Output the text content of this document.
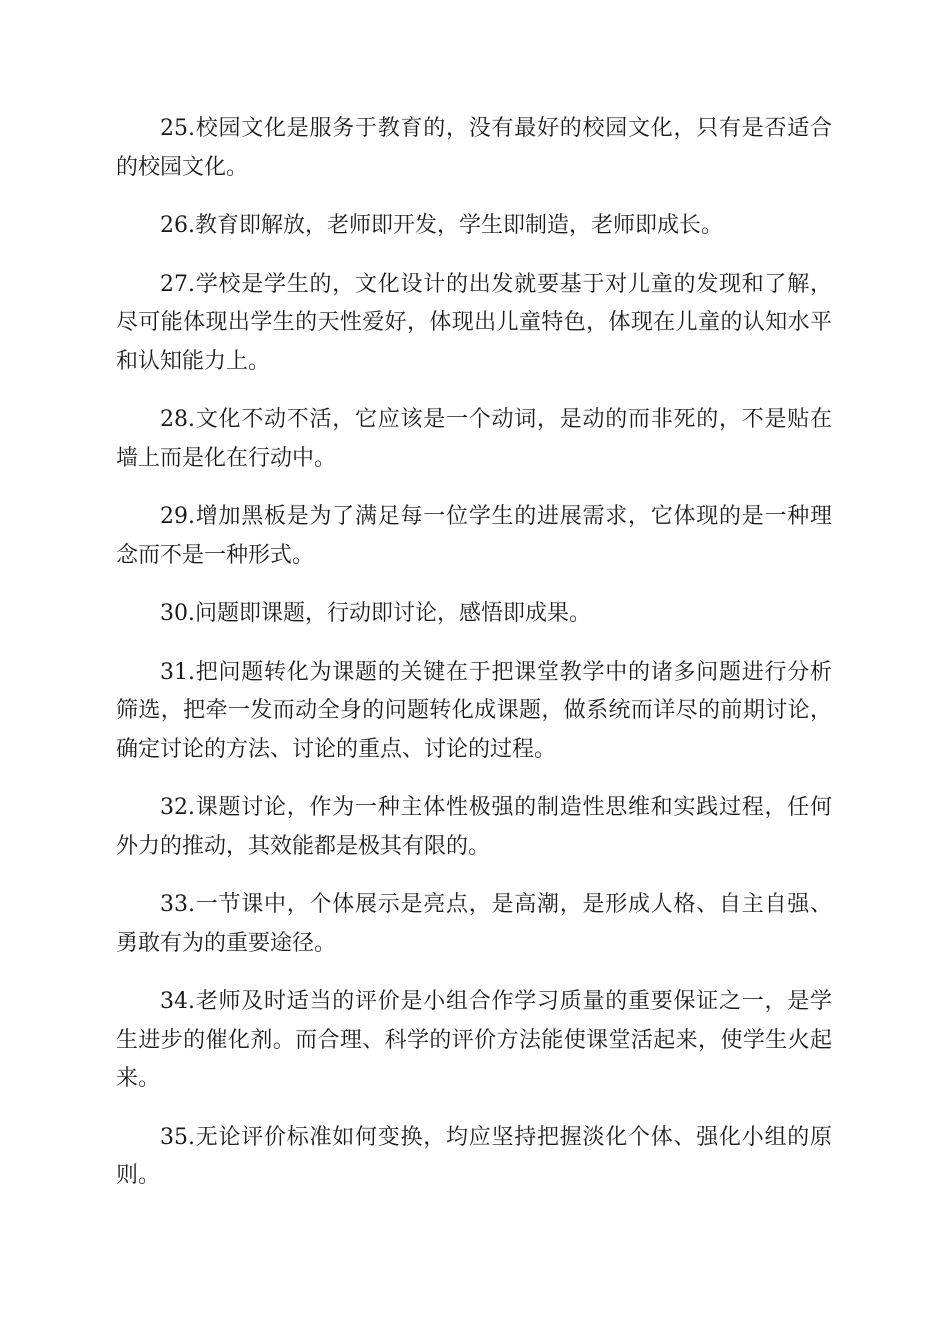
25.校园文化是服务于教育的，没有最好的校园文化，只有是否适合的校园文化。

26.教育即解放，老师即开发，学生即制造，老师即成长。

27.学校是学生的，文化设计的出发就要基于对儿童的发现和了解，尽可能体现出学生的天性爱好，体现出儿童特色，体现在儿童的认知水平和认知能力上。

28.文化不动不活，它应该是一个动词，是动的而非死的，不是贴在墙上而是化在行动中。

29.增加黑板是为了满足每一位学生的进展需求，它体现的是一种理念而不是一种形式。

30.问题即课题，行动即讨论，感悟即成果。

31.把问题转化为课题的关键在于把课堂教学中的诸多问题进行分析筛选，把牵一发而动全身的问题转化成课题，做系统而详尽的前期讨论，确定讨论的方法、讨论的重点、讨论的过程。

32.课题讨论，作为一种主体性极强的制造性思维和实践过程，任何外力的推动，其效能都是极其有限的。

33.一节课中，个体展示是亮点，是高潮，是形成人格、自主自强、勇敢有为的重要途径。

34.老师及时适当的评价是小组合作学习质量的重要保证之一，是学生进步的催化剂。而合理、科学的评价方法能使课堂活起来，使学生火起来。

35.无论评价标准如何变换，均应坚持把握淡化个体、强化小组的原则。
